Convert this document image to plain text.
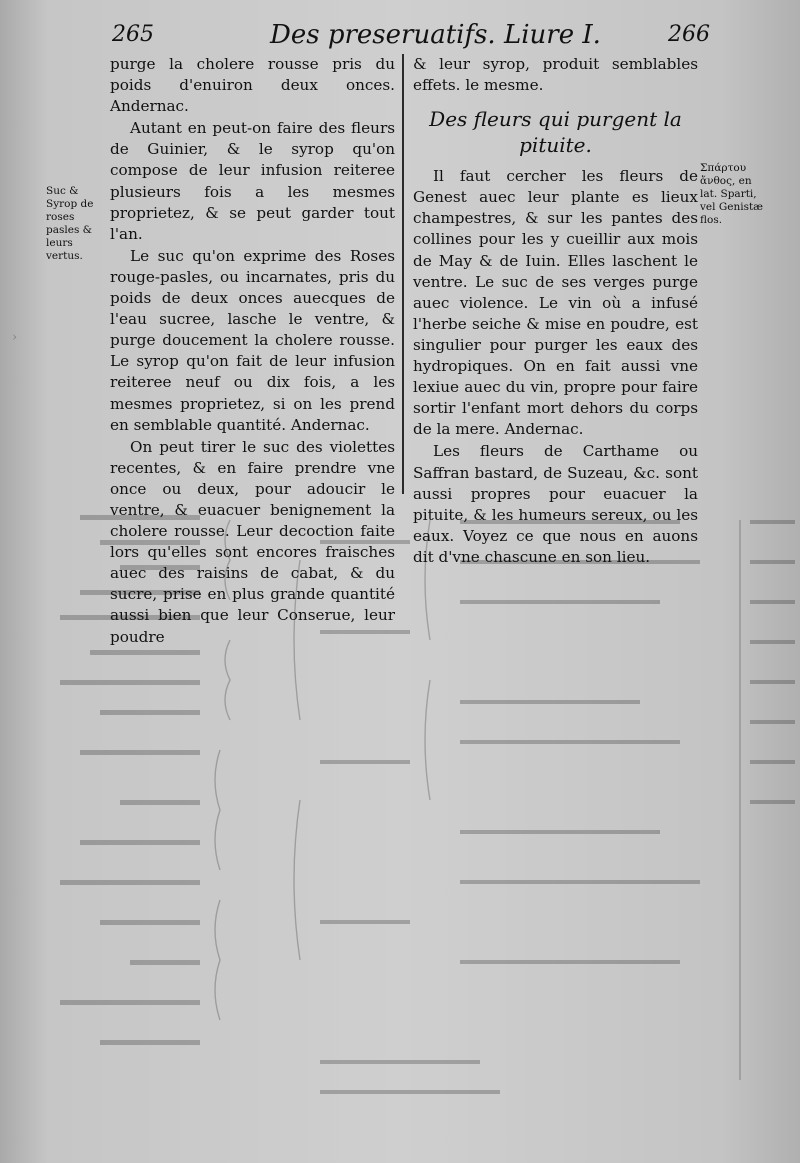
›
265	Des preseruatifs. Liure I.	266
Suc & Syrop de roses pasles & leurs vertus.

purge la cholere rousse pris du poids d'enuiron deux onces. Andernac.

Autant en peut-on faire des fleurs de Guinier, & le syrop qu'on compose de leur infusion reiteree plusieurs fois a les mesmes proprietez, & se peut garder tout l'an.

Le suc qu'on exprime des Roses rouge-pasles, ou incarnates, pris du poids de deux onces auecques de l'eau sucree, lasche le ventre, & purge doucement la cholere rousse. Le syrop qu'on fait de leur infusion reiteree neuf ou dix fois, a les mesmes proprietez, si on les prend en semblable quantité. Andernac.

On peut tirer le suc des violettes recentes, & en faire prendre vne once ou deux, pour adoucir le ventre, & euacuer benignement la cholere rousse. Leur decoction faite lors qu'elles sont encores fraisches auec des raisins de cabat, & du sucre, prise en plus grande quantité aussi bien que leur Conserue, leur poudre

& leur syrop, produit semblables effets. le mesme.

Des fleurs qui purgent la pituite.

Il faut cercher les fleurs de Genest auec leur plante es lieux champestres, & sur les pantes des collines pour les y cueillir aux mois de May & de Iuin. Elles laschent le ventre. Le suc de ses verges purge auec violence. Le vin où a infusé l'herbe seiche & mise en poudre, est singulier pour purger les eaux des hydropiques. On en fait aussi vne lexiue auec du vin, propre pour faire sortir l'enfant mort dehors du corps de la mere. Andernac.

Les fleurs de Carthame ou Saffran bastard, de Suzeau, &c. sont aussi propres pour euacuer la pituite, & les humeurs sereux, ou les eaux. Voyez ce que nous en auons dit d'vne chascune en son lieu.

Σπάρτου ἄνθος, en lat. Sparti, vel Genistæ flos.
